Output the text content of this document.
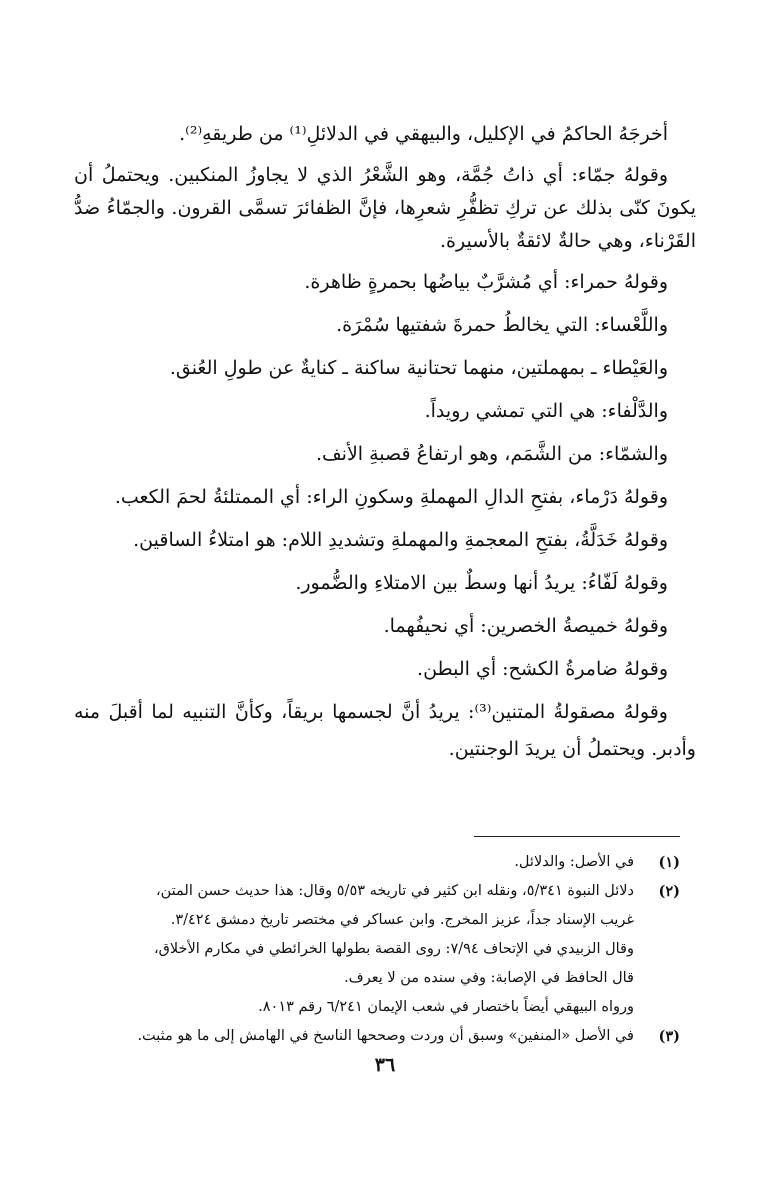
أخرجَهُ الحاكمُ في الإكليل، والبيهقي في الدلائلِ⁽¹⁾ من طريقهِ⁽²⁾.

وقولهُ جمّاء: أي ذاتُ جُمَّة، وهو الشَّعْرُ الذي لا يجاوزُ المنكبين. ويحتملُ أن يكونَ كنّى بذلك عن تركِ تظفُّرِ شعرِها، فإنَّ الظفائرَ تسمَّى القرون. والجمّاءُ ضدُّ القَرْناء، وهي حالةٌ لائقةٌ بالأسيرة.

وقولهُ حمراء: أي مُشرَّبٌ بياضُها بحمرةٍ ظاهرة.

واللَّعْساء: التي يخالطُ حمرةَ شفتيها سُمْرَة.

والعَيْطاء ـ بمهملتين، منهما تحتانية ساكنة ـ كنايةٌ عن طولِ العُنق.

والدَّلْفاء: هي التي تمشي رويداً.

والشمّاء: من الشَّمَم، وهو ارتفاعُ قصبةِ الأنف.

وقولهُ دَرْماء، بفتحِ الدالِ المهملةِ وسكونِ الراء: أي الممتلئةُ لحمَ الكعب.

وقولهُ خَدَلَّةُ، بفتحِ المعجمةِ والمهملةِ وتشديدِ اللام: هو امتلاءُ الساقين.

وقولهُ لَفّاءُ: يريدُ أنها وسطٌ بين الامتلاءِ والضُّمور.

وقولهُ خميصةُ الخصرين: أي نحيفُهما.

وقولهُ ضامرةُ الكشح: أي البطن.

وقولهُ مصقولةُ المتنين⁽³⁾: يريدُ أنَّ لجسمها بريقاً، وكأنَّ التنبيه لما أقبلَ منه وأدبر. ويحتملُ أن يريدَ الوجنتين.

(١)
في الأصل: والدلائل.
(٢)
دلائل النبوة ٥/٣٤١، ونقله ابن كثير في تاريخه ٥/٥٣ وقال: هذا حديث حسن المتن،
غريب الإسناد جداً، عزيز المخرج. وابن عساكر في مختصر تاريخ دمشق ٣/٤٢٤.
وقال الزبيدي في الإتحاف ٧/٩٤: روى القصة بطولها الخرائطي في مكارم الأخلاق،
قال الحافظ في الإصابة: وفي سنده من لا يعرف.
ورواه البيهقي أيضاً باختصار في شعب الإيمان ٦/٢٤١ رقم ٨٠١٣.
(٣)
في الأصل «المنفين» وسبق أن وردت وصححها الناسخ في الهامش إلى ما هو مثبت.
٣٦
